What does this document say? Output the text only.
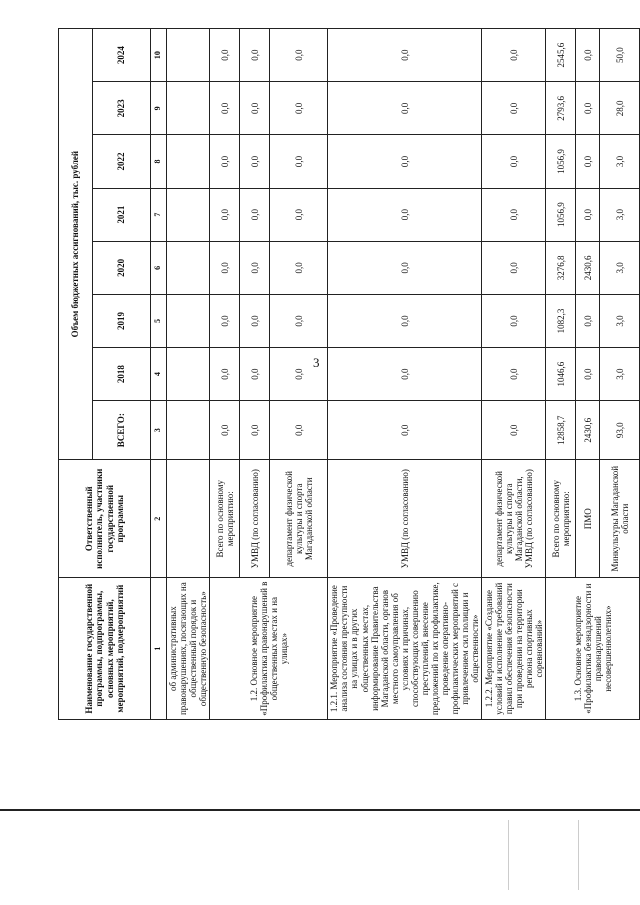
3
Наименование государственной программы, подпрограммы, основных мероприятий, мероприятий, подмероприятий	Ответственный исполнитель, участники государственной программы	Объем бюджетных ассигнований, тыс. рублей							
		ВСЕГО:	2018	2019	2020	2021	2022	2023	2024
1	2	3	4	5	6	7	8	9	10
об административных правонарушениях, посягающих на общественный порядок и общественную безопасность»									
1.2. Основное мероприятие «Профилактика правонарушений в общественных местах и на улицах»	Всего по основному мероприятию:	0,0	0,0	0,0	0,0	0,0	0,0	0,0	0,0
	УМВД (по согласованию)	0,0	0,0	0,0	0,0	0,0	0,0	0,0	0,0
	департамент физической культуры и спорта Магаданской области	0,0	0,0	0,0	0,0	0,0	0,0	0,0	0,0
1.2.1. Мероприятие «Проведение анализа состояния преступности на улицах и в других общественных местах, информирование Правительства Магаданской области, органов местного самоуправления об условиях и причинах, способствующих совершению преступлений, внесение предложений по их профилактике, проведение оперативно-профилактических мероприятий с привлечением сил полиции и общественности»	УМВД (по согласованию)	0,0	0,0	0,0	0,0	0,0	0,0	0,0	0,0
1.2.2. Мероприятие «Создание условий и исполнение требований правил обеспечения безопасности при проведении на территории региона спортивных соревнований»	департамент физической культуры и спорта Магаданской области, УМВД (по согласованию)	0,0	0,0	0,0	0,0	0,0	0,0	0,0	0,0
1.3. Основное мероприятие «Профилактика безнадзорности и правонарушений несовершеннолетних»	Всего по основному мероприятию:	12858,7	1046,6	1082,3	3276,8	1056,9	1056,9	2793,6	2545,6
	ПМО	2430,6	0,0	0,0	2430,6	0,0	0,0	0,0	0,0
	Минкультуры Магаданской области	93,0	3,0	3,0	3,0	3,0	3,0	28,0	50,0
